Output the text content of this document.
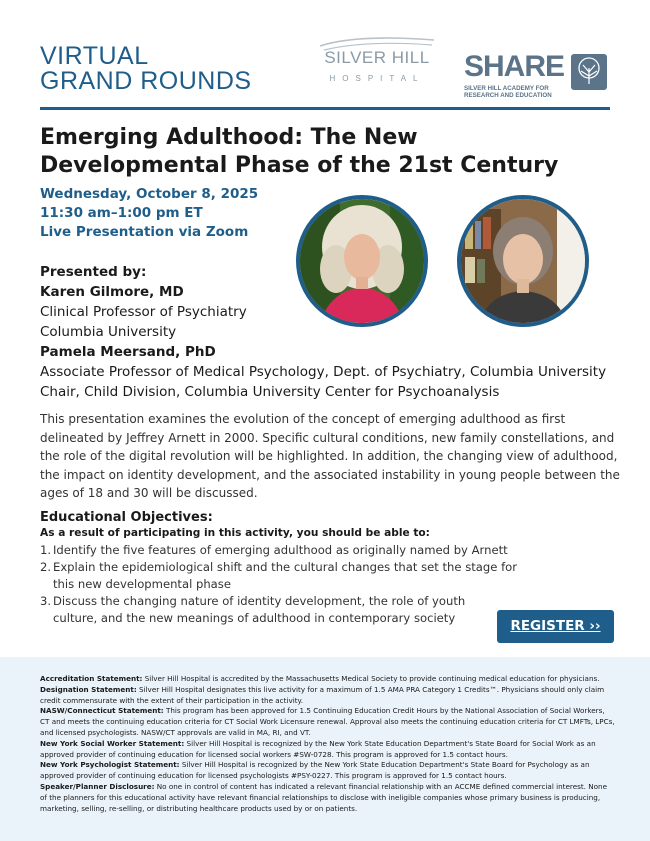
VIRTUAL
GRAND ROUNDS
SILVER HILL
HOSPITAL	SHARE
SILVER HILL ACADEMY FOR
RESEARCH AND EDUCATION
Emerging Adulthood: The New Developmental Phase of the 21st Century
Wednesday, October 8, 2025
11:30 am–1:00 pm ET
Live Presentation via Zoom
Presented by:
Karen Gilmore, MD
Clinical Professor of Psychiatry
Columbia University
Pamela Meersand, PhD
Associate Professor of Medical Psychology, Dept. of Psychiatry, Columbia University
Chair, Child Division, Columbia University Center for Psychoanalysis
This presentation examines the evolution of the concept of emerging adulthood as first delineated by Jeffrey Arnett in 2000. Specific cultural conditions, new family constellations, and the role of the digital revolution will be highlighted. In addition, the changing view of adulthood, the impact on identity development, and the associated instability in young people between the ages of 18 and 30 will be discussed.
Educational Objectives:
As a result of participating in this activity, you should be able to:
1. Identify the five features of emerging adulthood as originally named by Arnett
2. Explain the epidemiological shift and the cultural changes that set the stage for this new developmental phase
3. Discuss the changing nature of identity development, the role of youth culture, and the new meanings of adulthood in contemporary society	REGISTER ››

Accreditation Statement: Silver Hill Hospital is accredited by the Massachusetts Medical Society to provide continuing medical education for physicians.

Designation Statement: Silver Hill Hospital designates this live activity for a maximum of 1.5 AMA PRA Category 1 Credits™. Physicians should only claim credit commensurate with the extent of their participation in the activity.

NASW/Connecticut Statement: This program has been approved for 1.5 Continuing Education Credit Hours by the National Association of Social Workers, CT and meets the continuing education criteria for CT Social Work Licensure renewal. Approval also meets the continuing education criteria for CT LMFTs, LPCs, and licensed psychologists. NASW/CT approvals are valid in MA, RI, and VT.

New York Social Worker Statement: Silver Hill Hospital is recognized by the New York State Education Department's State Board for Social Work as an approved provider of continuing education for licensed social workers #SW-0728. This program is approved for 1.5 contact hours.

New York Psychologist Statement: Silver Hill Hospital is recognized by the New York State Education Department's State Board for Psychology as an approved provider of continuing education for licensed psychologists #PSY-0227. This program is approved for 1.5 contact hours.

Speaker/Planner Disclosure: No one in control of content has indicated a relevant financial relationship with an ACCME defined commercial interest. None of the planners for this educational activity have relevant financial relationships to disclose with ineligible companies whose primary business is producing, marketing, selling, re-selling, or distributing healthcare products used by or on patients.
